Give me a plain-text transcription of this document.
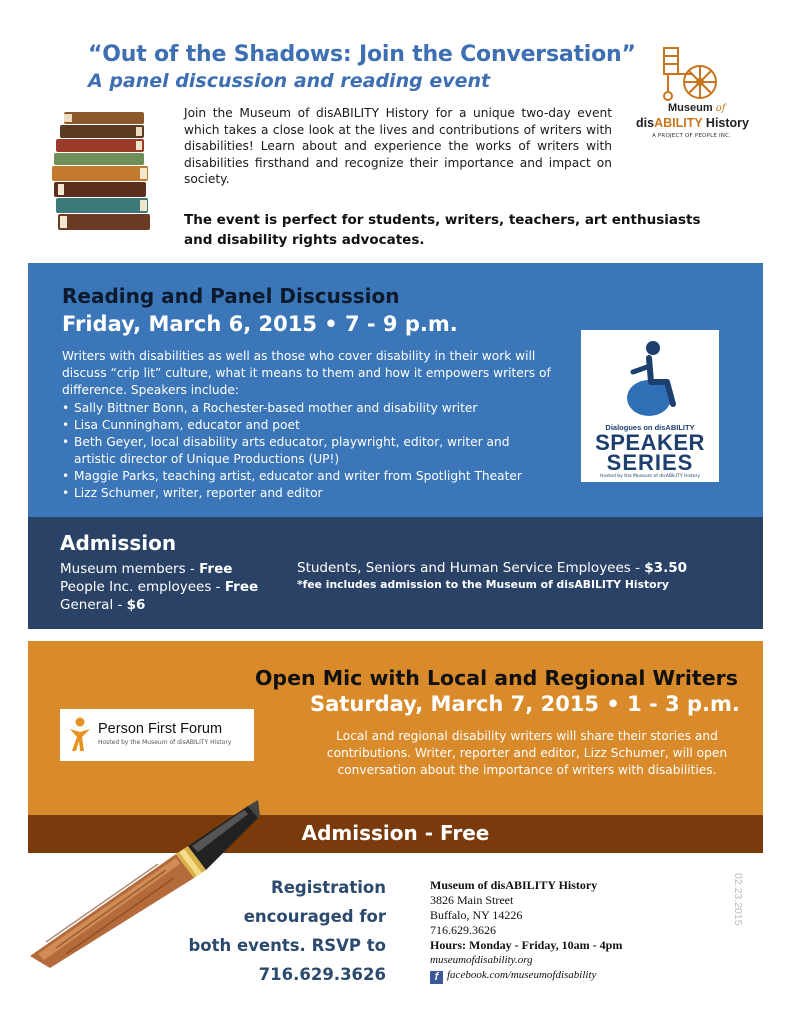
“Out of the Shadows: Join the Conversation”
A panel discussion and reading event
Join the Museum of disABILITY History for a unique two-day event which takes a close look at the lives and contributions of writers with disabilities! Learn about and experience the works of writers with disabilities firsthand and recognize their importance and impact on society.
The event is perfect for students, writers, teachers, art enthusiasts and disability rights advocates.
Museum of
disABILITY History
A PROJECT OF PEOPLE INC.
Reading and Panel Discussion
Friday, March 6, 2015 • 7 - 9 p.m.
Writers with disabilities as well as those who cover disability in their work will discuss “crip lit” culture, what it means to them and how it empowers writers of difference. Speakers include:
• Sally Bittner Bonn, a Rochester-based mother and disability writer
• Lisa Cunningham, educator and poet
• Beth Geyer, local disability arts educator, playwright, editor, writer and artistic director of Unique Productions (UP!)
• Maggie Parks, teaching artist, educator and writer from Spotlight Theater
• Lizz Schumer, writer, reporter and editor
Dialogues on disABILITY
SPEAKER
SERIES
Hosted by the Museum of disABILITY History
Admission
Museum members - Free
People Inc. employees - Free
General - $6
Students, Seniors and Human Service Employees - $3.50
*fee includes admission to the Museum of disABILITY History
Open Mic with Local and Regional Writers
Saturday, March 7, 2015 • 1 - 3 p.m.
Local and regional disability writers will share their stories and contributions. Writer, reporter and editor, Lizz Schumer, will open conversation about the importance of writers with disabilities.
Person First Forum
Hosted by the Museum of disABILITY History
Admission - Free
Registration
encouraged for
both events. RSVP to
716.629.3626
Museum of disABILITY History
3826 Main Street
Buffalo, NY 14226
716.629.3626
Hours: Monday - Friday, 10am - 4pm
museumofdisability.org
f facebook.com/museumofdisability
02.23.2015
